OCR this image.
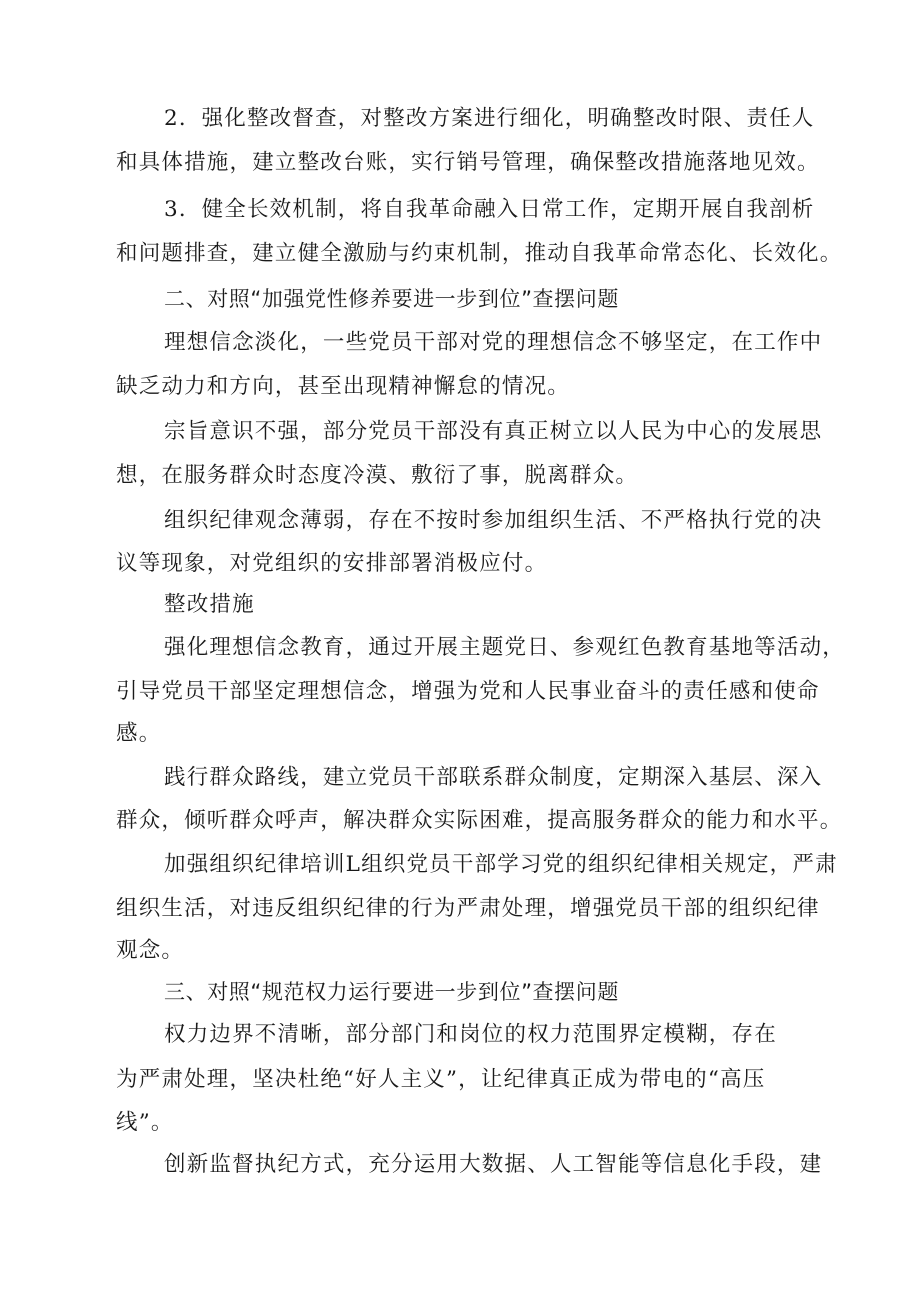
2．强化整改督查，对整改方案进行细化，明确整改时限、责任人
和具体措施，建立整改台账，实行销号管理，确保整改措施落地见效。
3．健全长效机制，将自我革命融入日常工作，定期开展自我剖析
和问题排查，建立健全激励与约束机制，推动自我革命常态化、长效化。
二、对照“加强党性修养要进一步到位”查摆问题
理想信念淡化，一些党员干部对党的理想信念不够坚定，在工作中
缺乏动力和方向，甚至出现精神懈怠的情况。
宗旨意识不强，部分党员干部没有真正树立以人民为中心的发展思
想，在服务群众时态度冷漠、敷衍了事，脱离群众。
组织纪律观念薄弱，存在不按时参加组织生活、不严格执行党的决
议等现象，对党组织的安排部署消极应付。
整改措施
强化理想信念教育，通过开展主题党日、参观红色教育基地等活动，
引导党员干部坚定理想信念，增强为党和人民事业奋斗的责任感和使命
感。
践行群众路线，建立党员干部联系群众制度，定期深入基层、深入
群众，倾听群众呼声，解决群众实际困难，提高服务群众的能力和水平。
加强组织纪律培训L组织党员干部学习党的组织纪律相关规定，严肃
组织生活，对违反组织纪律的行为严肃处理，增强党员干部的组织纪律
观念。
三、对照“规范权力运行要进一步到位”查摆问题
权力边界不清晰，部分部门和岗位的权力范围界定模糊，存在
为严肃处理，坚决杜绝“好人主义”，让纪律真正成为带电的“高压
线”。
创新监督执纪方式，充分运用大数据、人工智能等信息化手段，建
